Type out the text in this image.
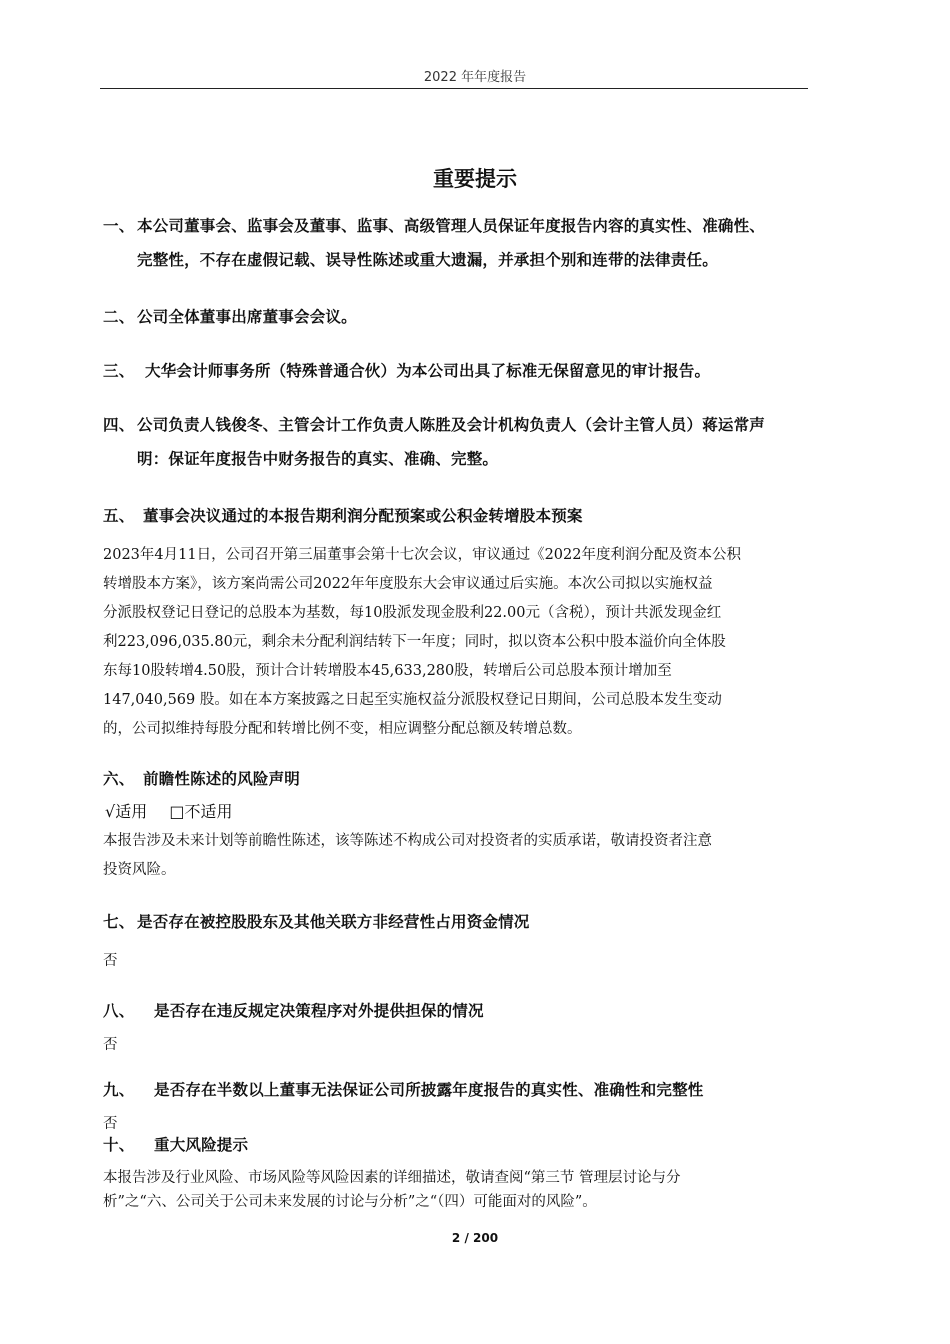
2022 年年度报告
重要提示
一、 本公司董事会、监事会及董事、监事、高级管理人员保证年度报告内容的真实性、准确性、
完整性，不存在虚假记载、误导性陈述或重大遗漏，并承担个别和连带的法律责任。
二、 公司全体董事出席董事会会议。
三、 大华会计师事务所（特殊普通合伙）为本公司出具了标准无保留意见的审计报告。
四、 公司负责人钱俊冬、主管会计工作负责人陈胜及会计机构负责人（会计主管人员）蒋运常声
明：保证年度报告中财务报告的真实、准确、完整。
五、 董事会决议通过的本报告期利润分配预案或公积金转增股本预案
2023年4月11日，公司召开第三届董事会第十七次会议，审议通过《2022年度利润分配及资本公积
转增股本方案》，该方案尚需公司2022年年度股东大会审议通过后实施。本次公司拟以实施权益
分派股权登记日登记的总股本为基数，每10股派发现金股利22.00元（含税），预计共派发现金红
利223,096,035.80元，剩余未分配利润结转下一年度；同时，拟以资本公积中股本溢价向全体股
东每10股转增4.50股，预计合计转增股本45,633,280股，转增后公司总股本预计增加至
147,040,569 股。如在本方案披露之日起至实施权益分派股权登记日期间，公司总股本发生变动
的，公司拟维持每股分配和转增比例不变，相应调整分配总额及转增总数。
六、 前瞻性陈述的风险声明
√适用 □不适用
本报告涉及未来计划等前瞻性陈述，该等陈述不构成公司对投资者的实质承诺，敬请投资者注意
投资风险。
七、 是否存在被控股股东及其他关联方非经营性占用资金情况
否
八、 是否存在违反规定决策程序对外提供担保的情况
否
九、 是否存在半数以上董事无法保证公司所披露年度报告的真实性、准确性和完整性
否
十、 重大风险提示
本报告涉及行业风险、市场风险等风险因素的详细描述，敬请查阅“第三节 管理层讨论与分
析”之“六、公司关于公司未来发展的讨论与分析”之“（四）可能面对的风险”。
2 / 200
